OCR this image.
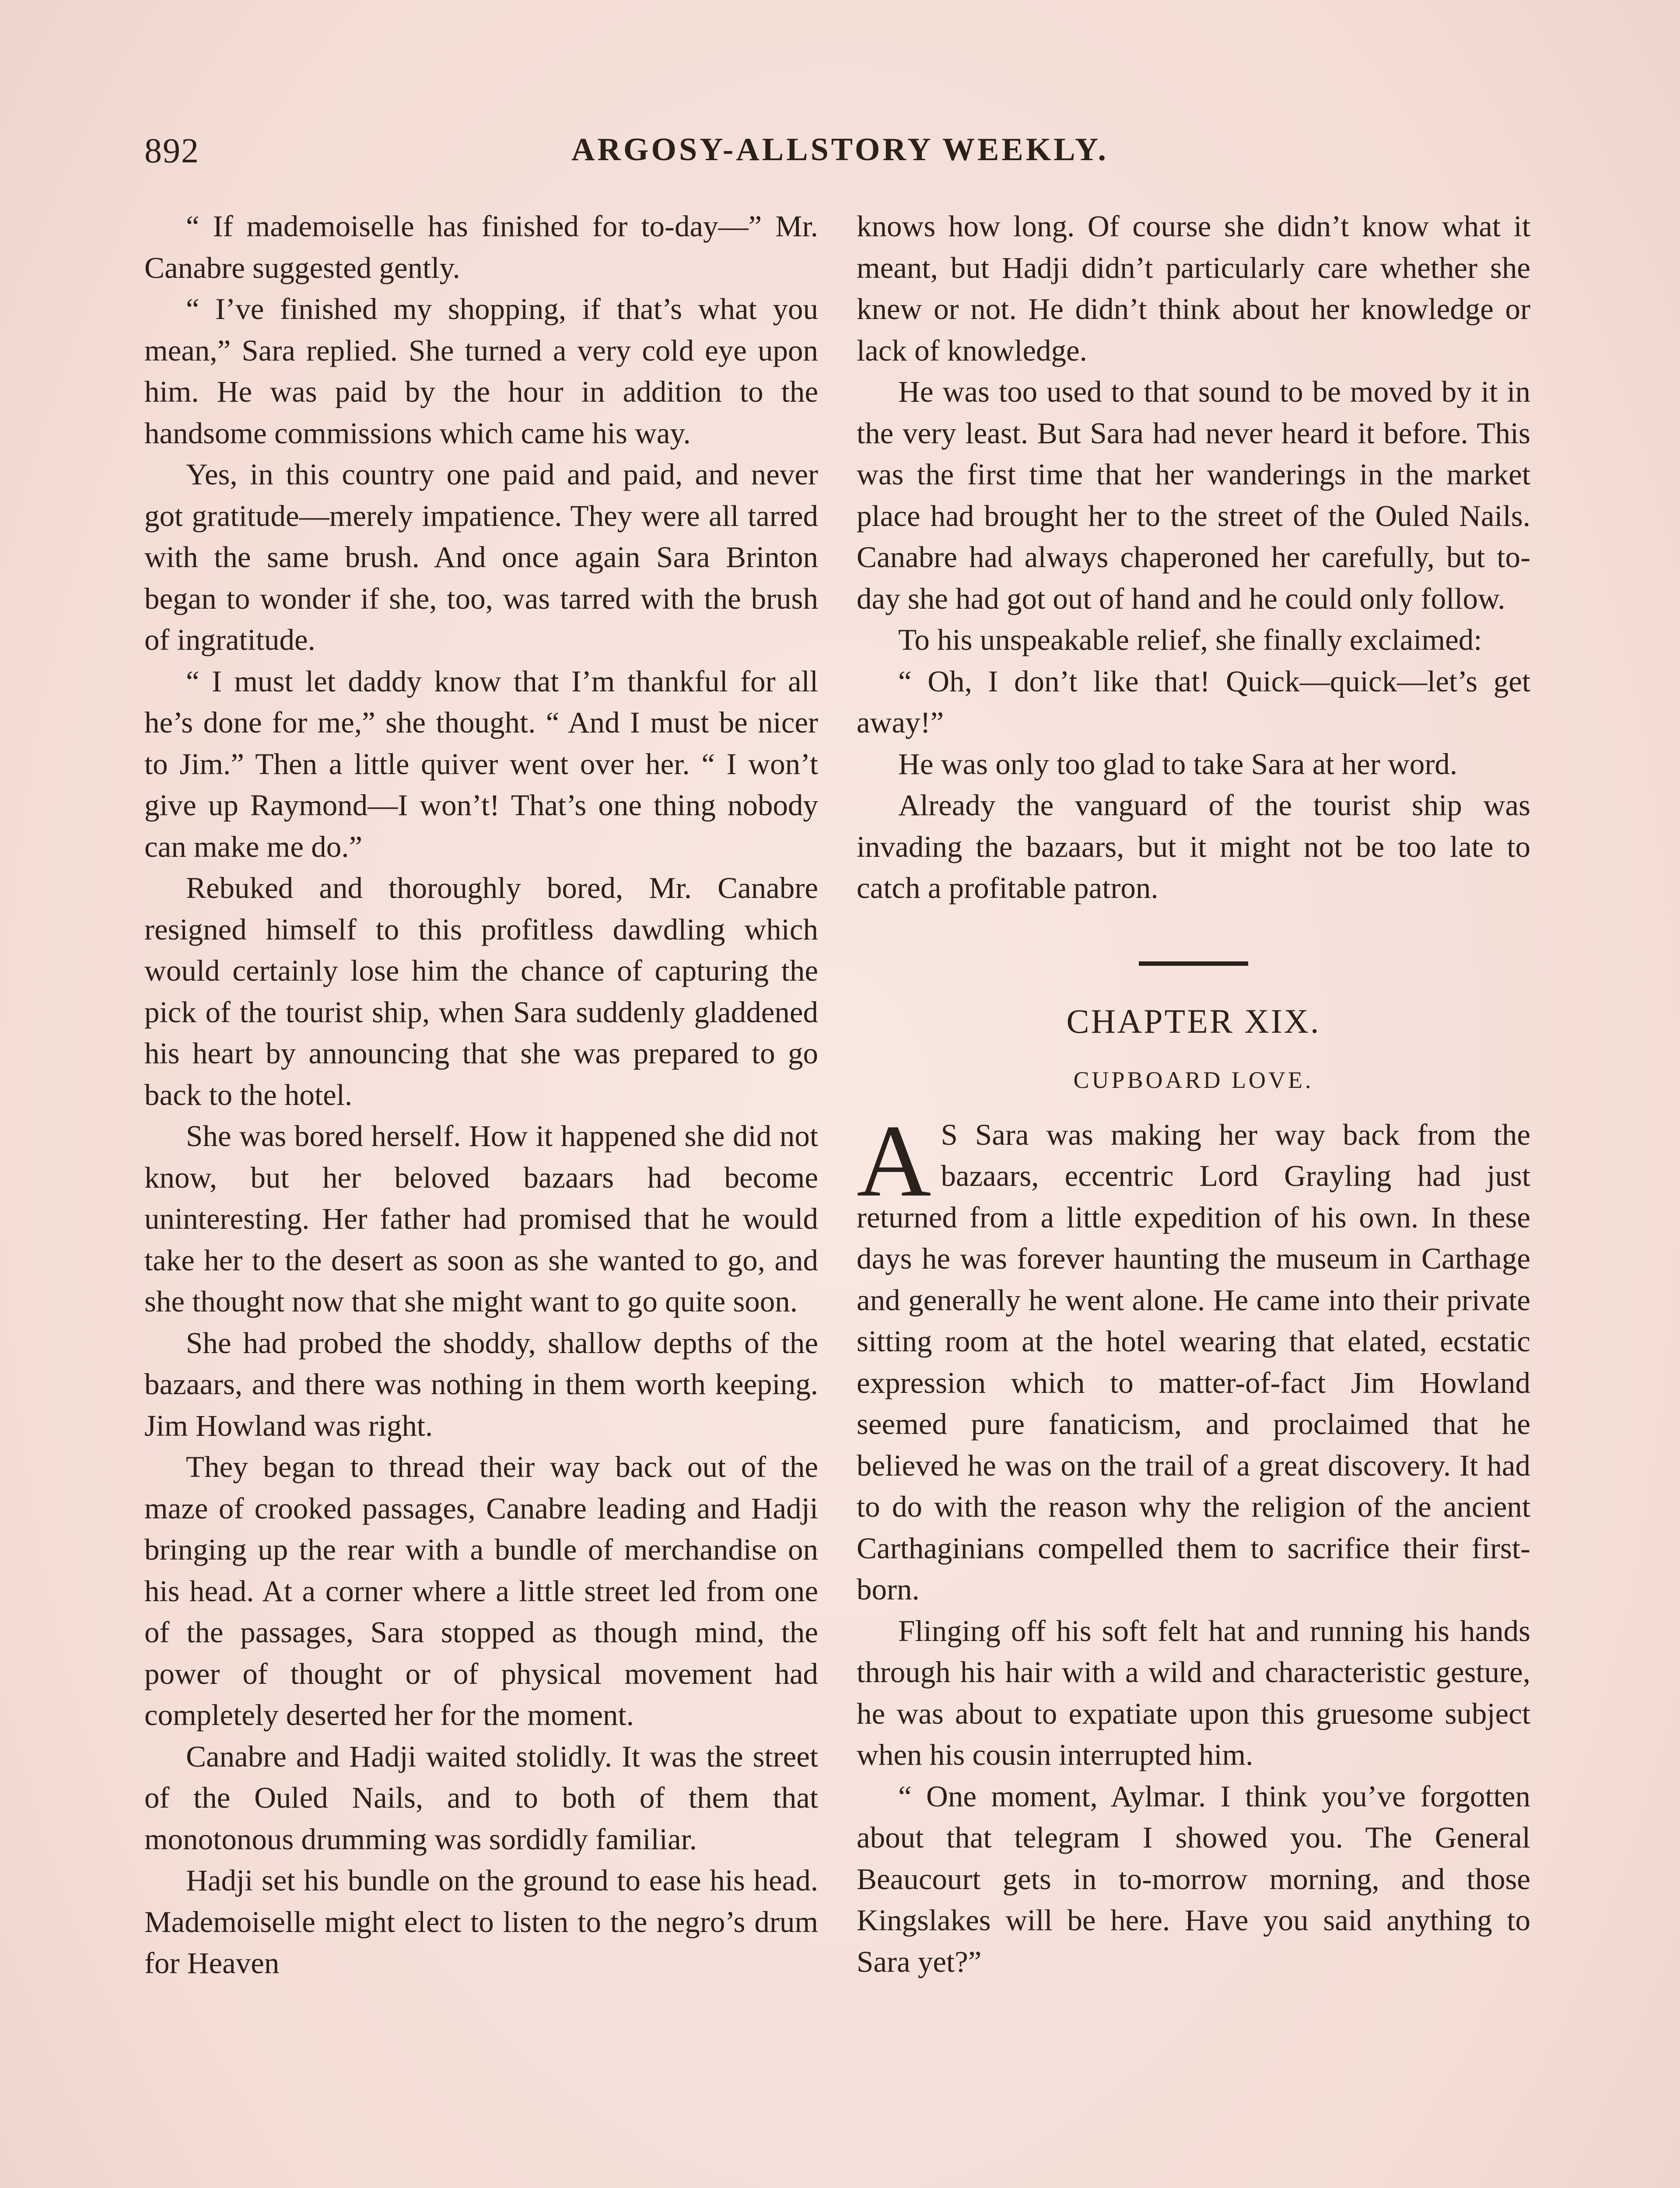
892	ARGOSY-ALLSTORY WEEKLY.

“ If mademoiselle has finished for to-day—” Mr. Canabre suggested gently.

“ I’ve finished my shopping, if that’s what you mean,” Sara replied. She turned a very cold eye upon him. He was paid by the hour in addition to the handsome commissions which came his way.

Yes, in this country one paid and paid, and never got gratitude—merely impatience. They were all tarred with the same brush. And once again Sara Brinton began to wonder if she, too, was tarred with the brush of ingratitude.

“ I must let daddy know that I’m thankful for all he’s done for me,” she thought. “ And I must be nicer to Jim.” Then a little quiver went over her. “ I won’t give up Raymond—I won’t! That’s one thing nobody can make me do.”

Rebuked and thoroughly bored, Mr. Canabre resigned himself to this profitless dawdling which would certainly lose him the chance of capturing the pick of the tourist ship, when Sara suddenly gladdened his heart by announcing that she was prepared to go back to the hotel.

She was bored herself. How it happened she did not know, but her beloved bazaars had become uninteresting. Her father had promised that he would take her to the desert as soon as she wanted to go, and she thought now that she might want to go quite soon.

She had probed the shoddy, shallow depths of the bazaars, and there was nothing in them worth keeping. Jim Howland was right.

They began to thread their way back out of the maze of crooked passages, Canabre leading and Hadji bringing up the rear with a bundle of merchandise on his head. At a corner where a little street led from one of the passages, Sara stopped as though mind, the power of thought or of physical movement had completely deserted her for the moment.

Canabre and Hadji waited stolidly. It was the street of the Ouled Nails, and to both of them that monotonous drumming was sordidly familiar.

Hadji set his bundle on the ground to ease his head. Mademoiselle might elect to listen to the negro’s drum for Heaven

knows how long. Of course she didn’t know what it meant, but Hadji didn’t particularly care whether she knew or not. He didn’t think about her knowledge or lack of knowledge.

He was too used to that sound to be moved by it in the very least. But Sara had never heard it before. This was the first time that her wanderings in the market place had brought her to the street of the Ouled Nails. Canabre had always chaperoned her carefully, but to-day she had got out of hand and he could only follow.

To his unspeakable relief, she finally exclaimed:

“ Oh, I don’t like that! Quick—quick—let’s get away!”

He was only too glad to take Sara at her word.

Already the vanguard of the tourist ship was invading the bazaars, but it might not be too late to catch a profitable patron.

CHAPTER XIX.
CUPBOARD LOVE.

A S Sara was making her way back from the bazaars, eccentric Lord Grayling had just returned from a little expedition of his own. In these days he was forever haunting the museum in Carthage and generally he went alone. He came into their private sitting room at the hotel wearing that elated, ecstatic expression which to matter-of-fact Jim Howland seemed pure fanaticism, and proclaimed that he believed he was on the trail of a great discovery. It had to do with the reason why the religion of the ancient Carthaginians compelled them to sacrifice their first-born.

Flinging off his soft felt hat and running his hands through his hair with a wild and characteristic gesture, he was about to expatiate upon this gruesome subject when his cousin interrupted him.

“ One moment, Aylmar. I think you’ve forgotten about that telegram I showed you. The General Beaucourt gets in to-morrow morning, and those Kingslakes will be here. Have you said anything to Sara yet?”
